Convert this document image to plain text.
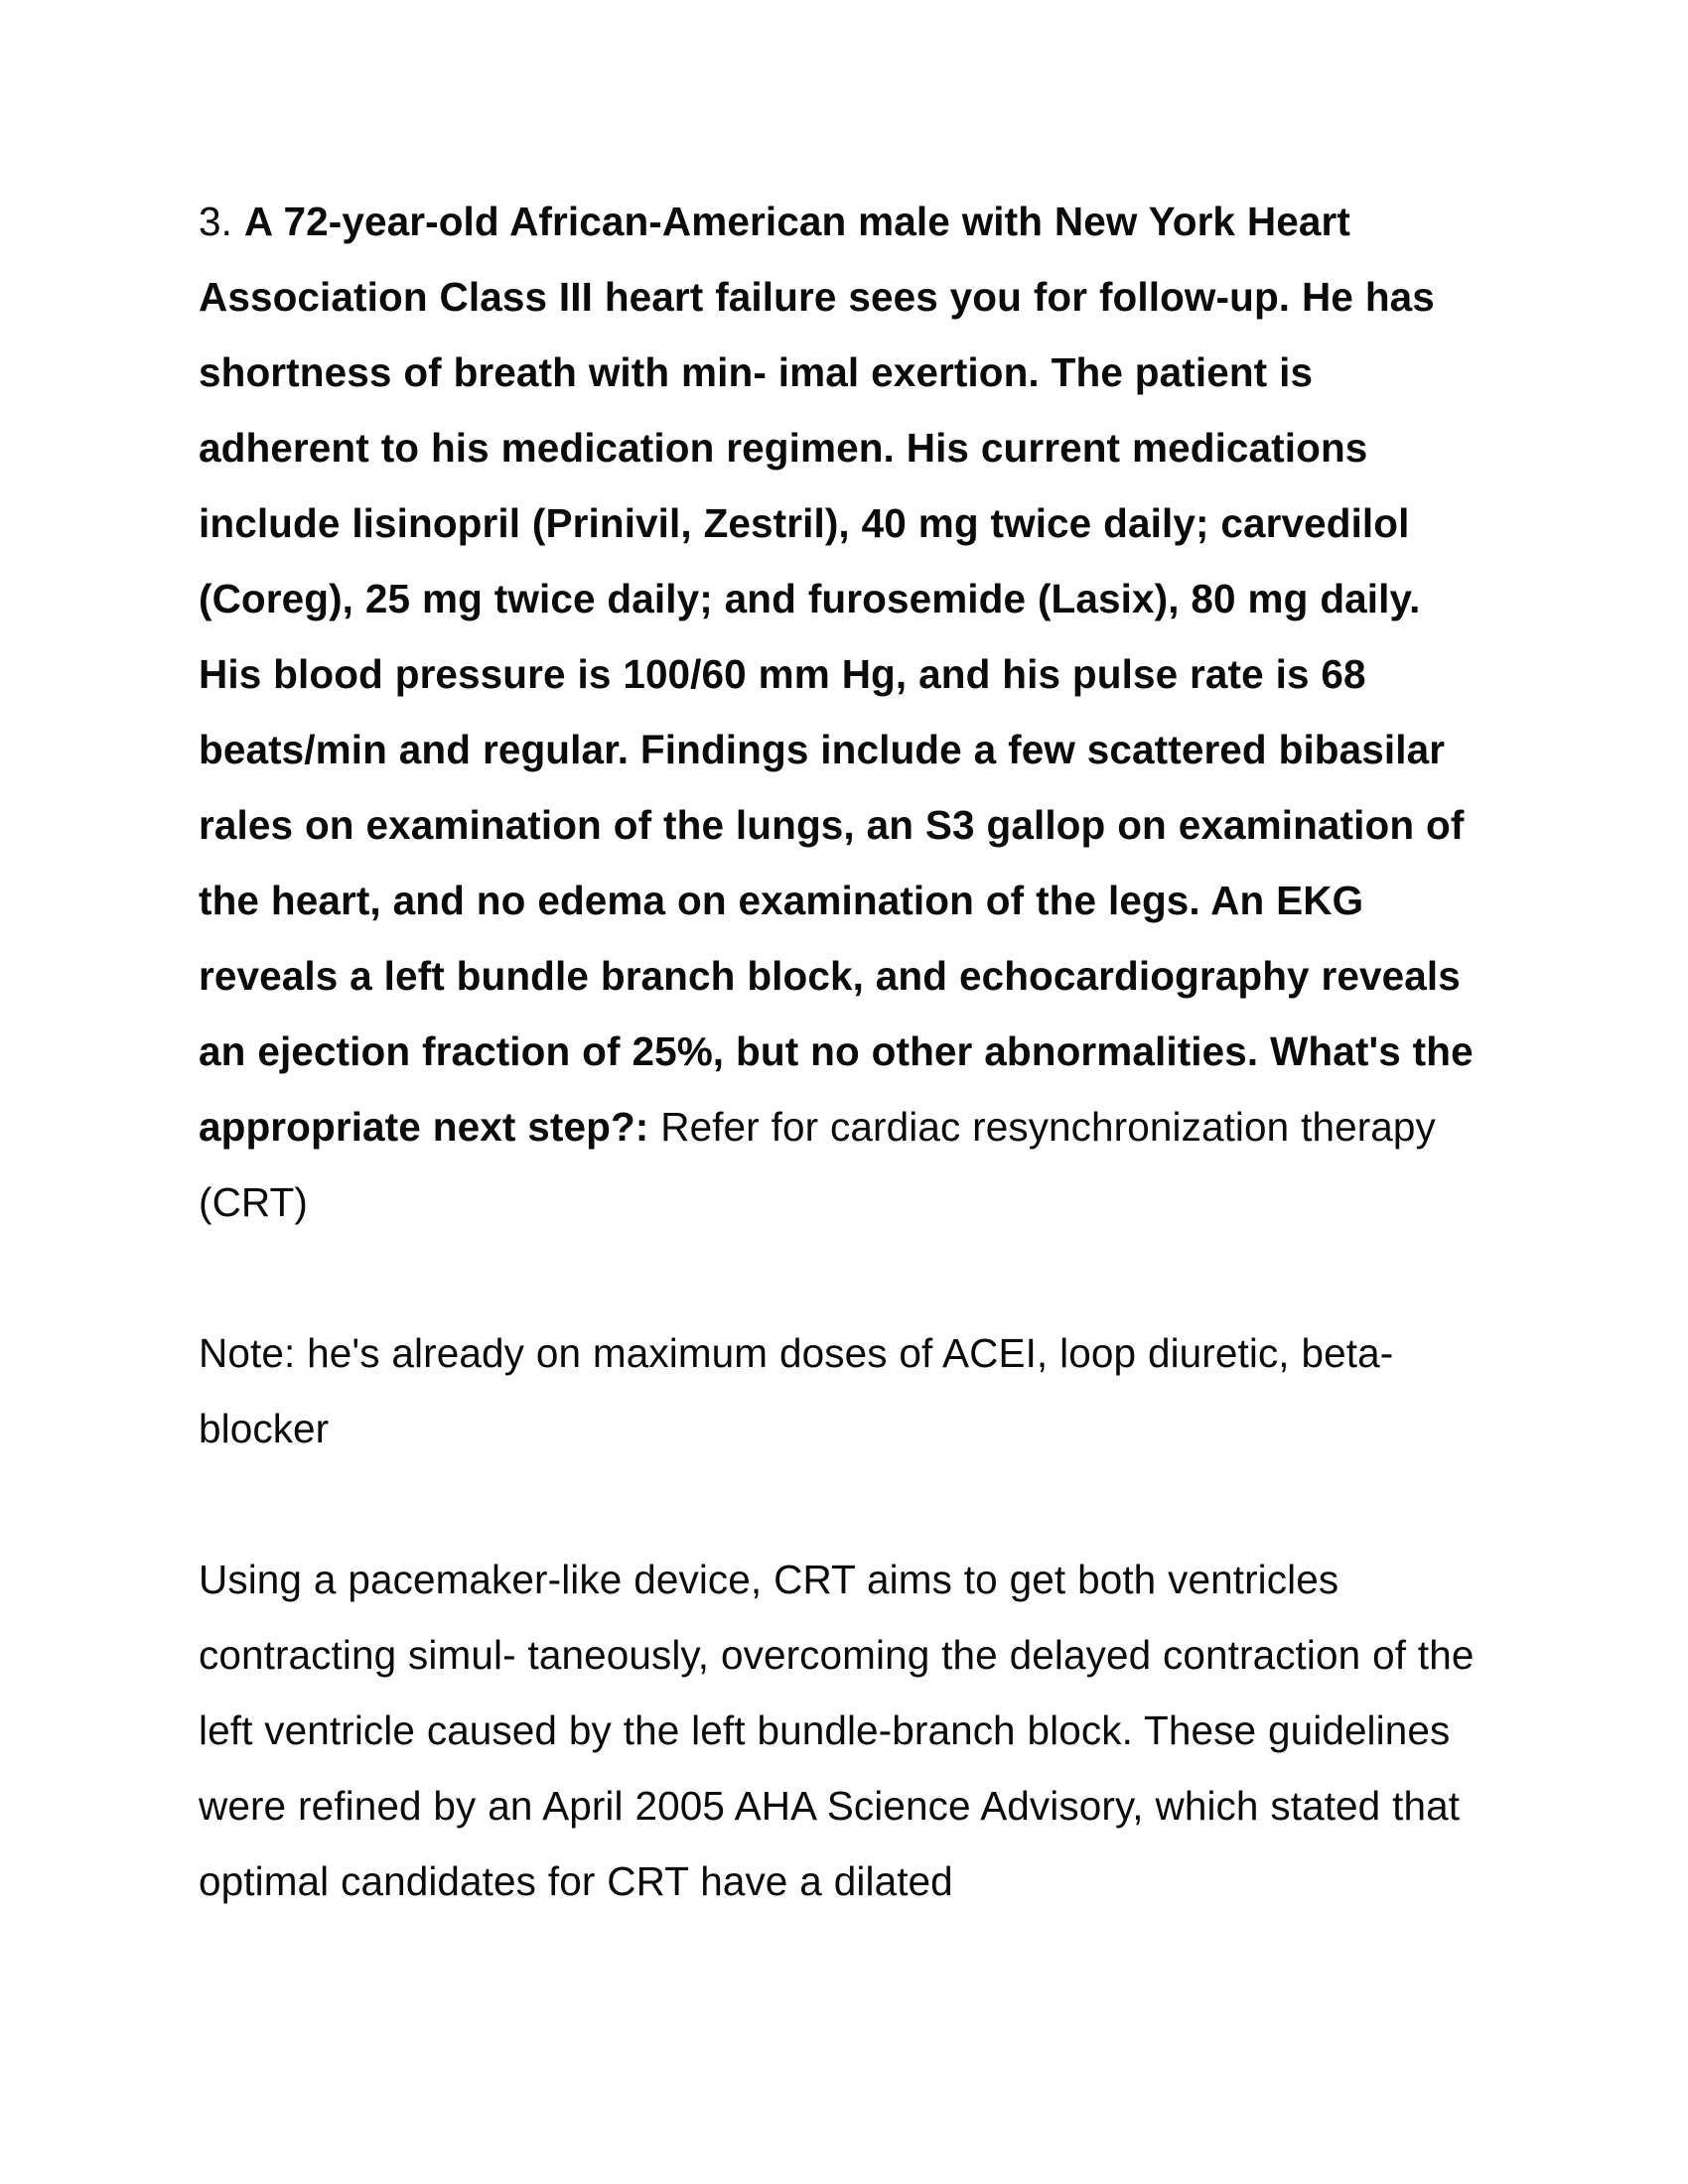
3. A 72-year-old African-American male with New York Heart Association Class III heart failure sees you for follow-up. He has shortness of breath with min- imal exertion. The patient is adherent to his medication regimen. His current medications include lisinopril (Prinivil, Zestril), 40 mg twice daily; carvedilol (Coreg), 25 mg twice daily; and furosemide (Lasix), 80 mg daily. His blood pressure is 100/60 mm Hg, and his pulse rate is 68 beats/min and regular. Findings include a few scattered bibasilar rales on examination of the lungs, an S3 gallop on examination of the heart, and no edema on examination of the legs. An EKG reveals a left bundle branch block, and echocardiography reveals an ejection fraction of 25%, but no other abnormalities. What's the appropriate next step?: Refer for cardiac resynchronization therapy (CRT)

Note: he's already on maximum doses of ACEI, loop diuretic, beta-blocker

Using a pacemaker-like device, CRT aims to get both ventricles contracting simul- taneously, overcoming the delayed contraction of the left ventricle caused by the left bundle-branch block. These guidelines were refined by an April 2005 AHA Science Advisory, which stated that optimal candidates for CRT have a dilated
